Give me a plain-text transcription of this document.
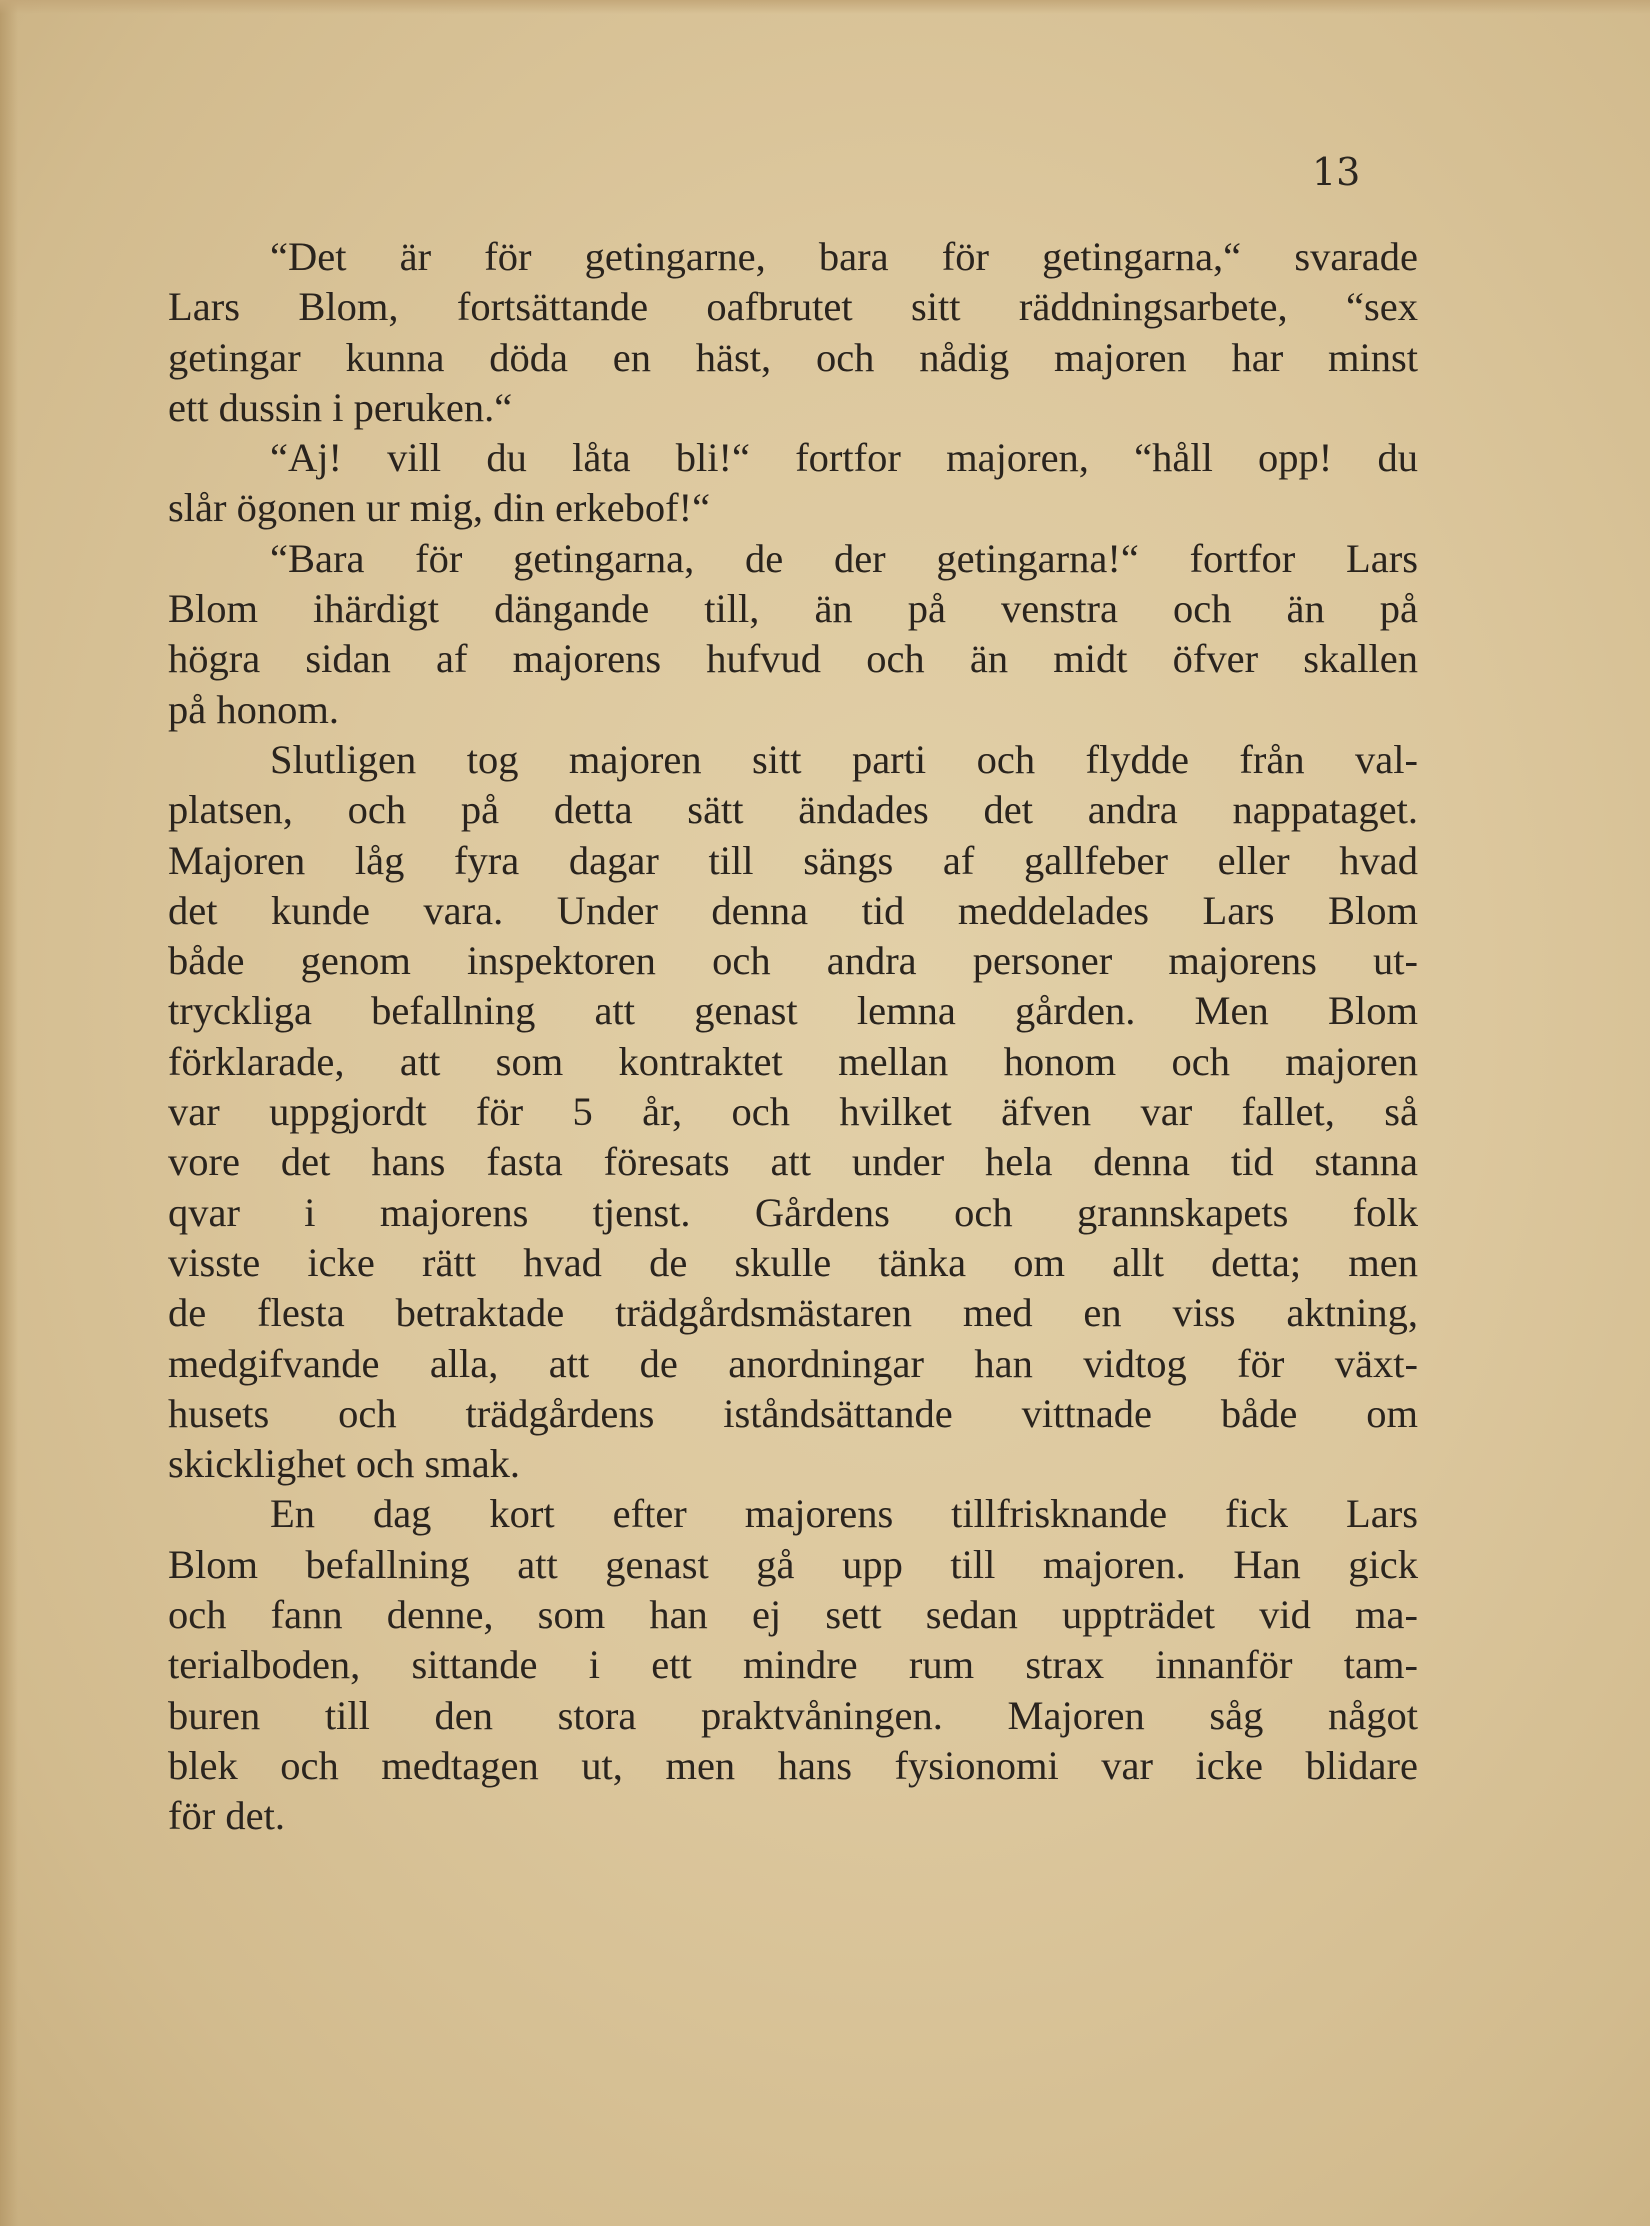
13
“Det är för getingarne, bara för getingarna,“ svarade
Lars Blom, fortsättande oafbrutet sitt räddningsarbete, “sex
getingar kunna döda en häst, och nådig majoren har minst
ett dussin i peruken.“
“Aj! vill du låta bli!“ fortfor majoren, “håll opp! du
slår ögonen ur mig, din erkebof!“
“Bara för getingarna, de der getingarna!“ fortfor Lars
Blom ihärdigt dängande till, än på venstra och än på
högra sidan af majorens hufvud och än midt öfver skallen
på honom.
Slutligen tog majoren sitt parti och flydde från val-
platsen, och på detta sätt ändades det andra nappataget.
Majoren låg fyra dagar till sängs af gallfeber eller hvad
det kunde vara. Under denna tid meddelades Lars Blom
både genom inspektoren och andra personer majorens ut-
tryckliga befallning att genast lemna gården. Men Blom
förklarade, att som kontraktet mellan honom och majoren
var uppgjordt för 5 år, och hvilket äfven var fallet, så
vore det hans fasta föresats att under hela denna tid stanna
qvar i majorens tjenst. Gårdens och grannskapets folk
visste icke rätt hvad de skulle tänka om allt detta; men
de flesta betraktade trädgårdsmästaren med en viss aktning,
medgifvande alla, att de anordningar han vidtog för växt-
husets och trädgårdens iståndsättande vittnade både om
skicklighet och smak.
En dag kort efter majorens tillfrisknande fick Lars
Blom befallning att genast gå upp till majoren. Han gick
och fann denne, som han ej sett sedan uppträdet vid ma-
terialboden, sittande i ett mindre rum strax innanför tam-
buren till den stora praktvåningen. Majoren såg något
blek och medtagen ut, men hans fysionomi var icke blidare
för det.
